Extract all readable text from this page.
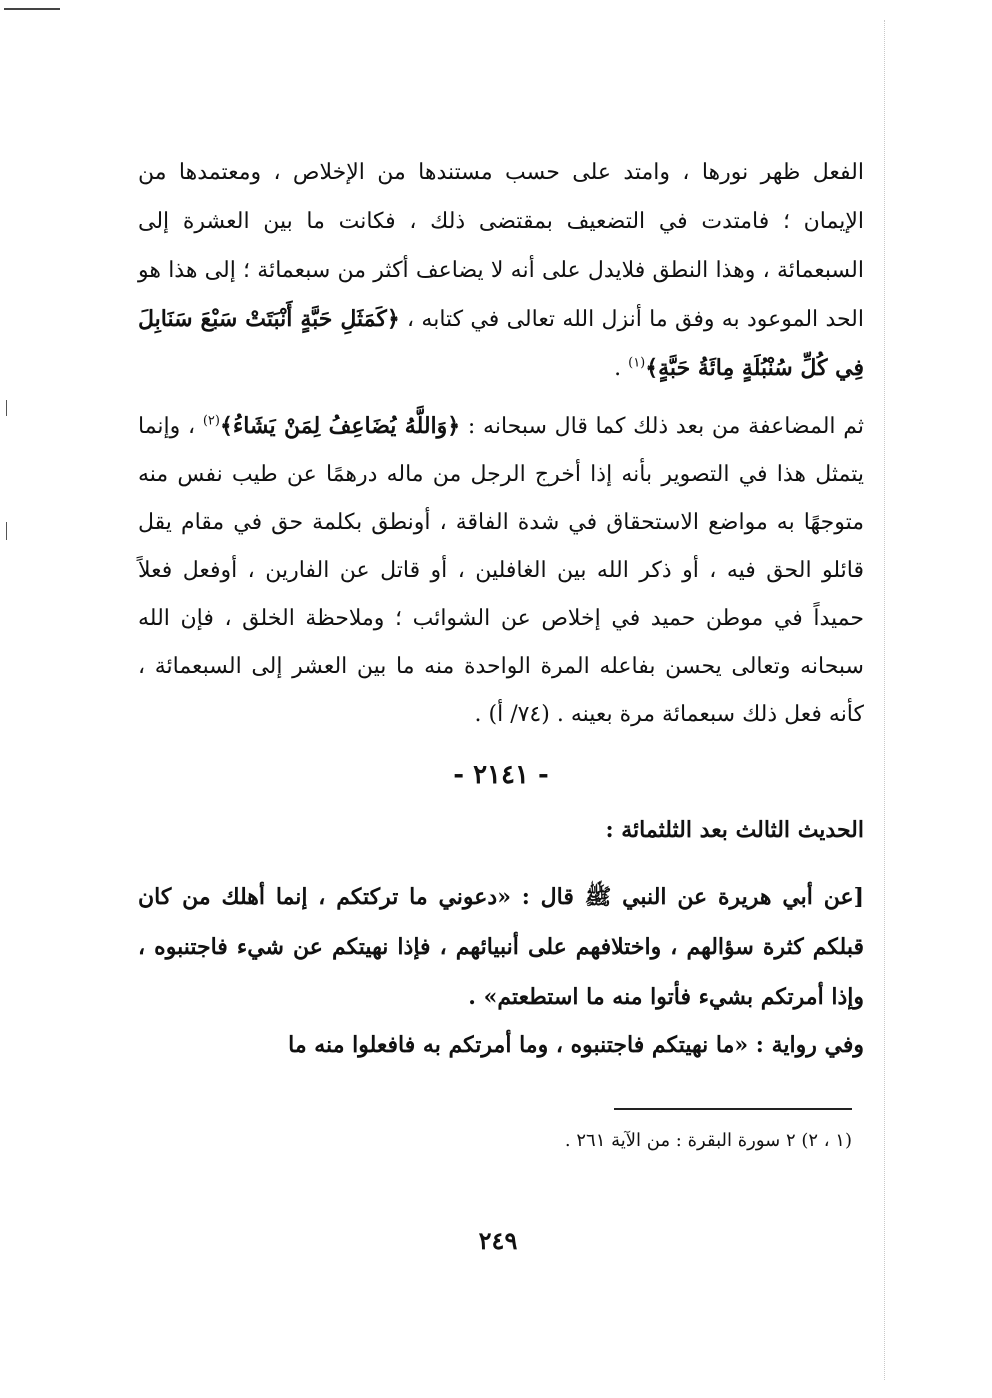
الفعل ظهر نورها ، وامتد على حسب مستندها من الإخلاص ، ومعتمدها من الإيمان ؛ فامتدت في التضعيف بمقتضى ذلك ، فكانت ما بين العشرة إلى السبعمائة ، وهذا النطق فلايدل على أنه لا يضاعف أكثر من سبعمائة ؛ إلى هذا هو الحد الموعود به وفق ما أنزل الله تعالى في كتابه ، ﴿كَمَثَلِ حَبَّةٍ أَنْبَتَتْ سَبْعَ سَنَابِلَ فِي كُلِّ سُنْبُلَةٍ مِائَةُ حَبَّةٍ﴾$^{(١)}$ .
ثم المضاعفة من بعد ذلك كما قال سبحانه : ﴿وَاللَّهُ يُضَاعِفُ لِمَنْ يَشَاءُ﴾$^{(٢)}$ ، وإنما يتمثل هذا في التصوير بأنه إذا أخرج الرجل من ماله درهمًا عن طيب نفس منه متوجهًا به مواضع الاستحقاق في شدة الفاقة ، أونطق بكلمة حق في مقام يقل قائلو الحق فيه ، أو ذكر الله بين الغافلين ، أو قاتل عن الفارين ، أوفعل فعلاً حميداً في موطن حميد في إخلاص عن الشوائب ؛ وملاحظة الخلق ، فإن الله سبحانه وتعالى يحسن بفاعله المرة الواحدة منه ما بين العشر إلى السبعمائة ، كأنه فعل ذلك سبعمائة مرة بعينه . (٧٤/ أ) .
- ٢١٤١ -
الحديث الثالث بعد الثلثمائة :
[عن أبي هريرة عن النبي ﷺ قال : «دعوني ما تركتكم ، إنما أهلك من كان قبلكم كثرة سؤالهم ، واختلافهم على أنبيائهم ، فإذا نهيتكم عن شيء فاجتنبوه ، وإذا أمرتكم بشيء فأتوا منه ما استطعتم» .
وفي رواية : «ما نهيتكم فاجتنبوه ، وما أمرتكم به فافعلوا منه ما
(١ ، ٢) ٢ سورة البقرة : من الآية ٢٦١ .
٢٤٩
